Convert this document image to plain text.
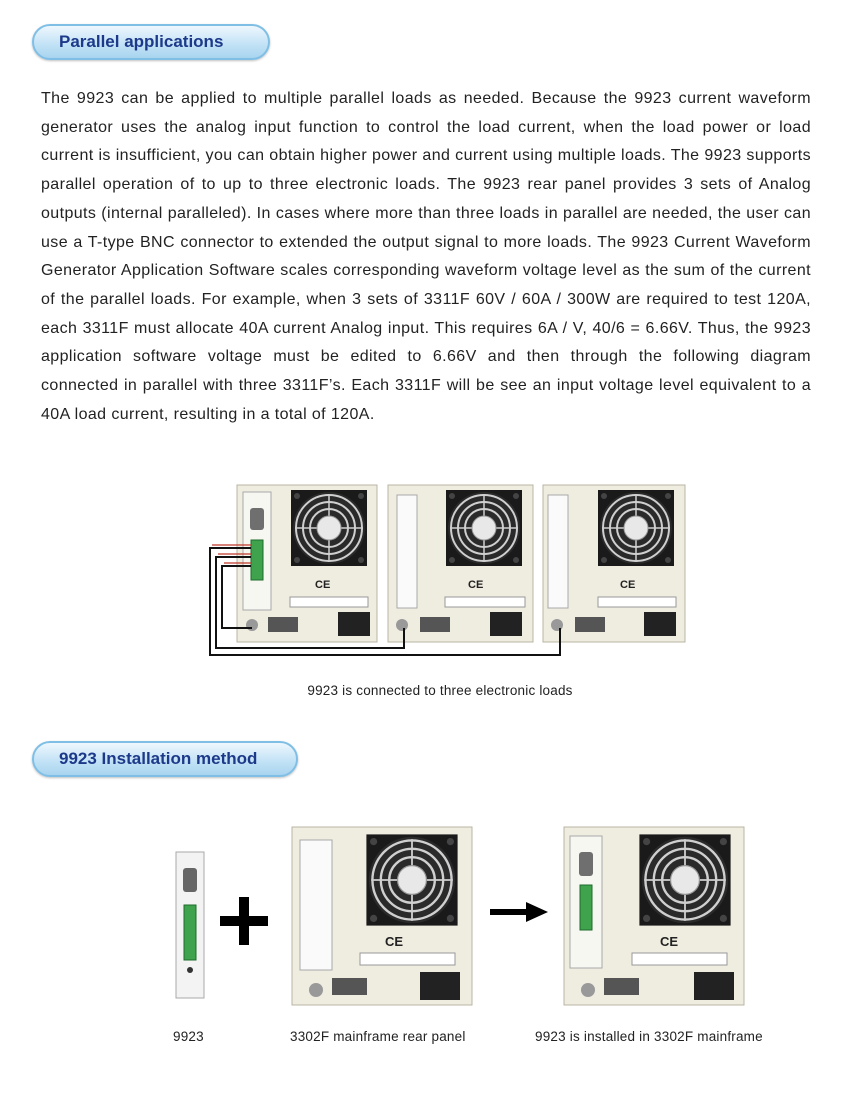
Parallel applications

The 9923 can be applied to multiple parallel loads as needed. Because the 9923 current waveform generator uses the analog input function to control the load current, when the load power or load current is insufficient, you can obtain higher power and current using multiple loads. The 9923 supports parallel operation of to up to three electronic loads. The 9923 rear panel provides 3 sets of Analog outputs (internal paralleled). In cases where more than three loads in parallel are needed, the user can use a T-type BNC connector to extended the output signal to more loads. The 9923 Current Waveform Generator Application Software scales corresponding waveform voltage level as the sum of the current of the parallel loads. For example, when 3 sets of 3311F 60V / 60A / 300W are required to test 120A, each 3311F must allocate 40A current Analog input. This requires 6A / V, 40/6 = 6.66V. Thus, the 9923 application software voltage must be edited to 6.66V and then through the following diagram connected in parallel with three 3311F’s. Each 3311F will be see an input voltage level equivalent to a 40A load current, resulting in a total of 120A.

CE	CE	CE
CE	CE
9923 is connected to three electronic loads
9923 Installation method
9923	3302F mainframe rear panel	9923 is installed in 3302F mainframe
